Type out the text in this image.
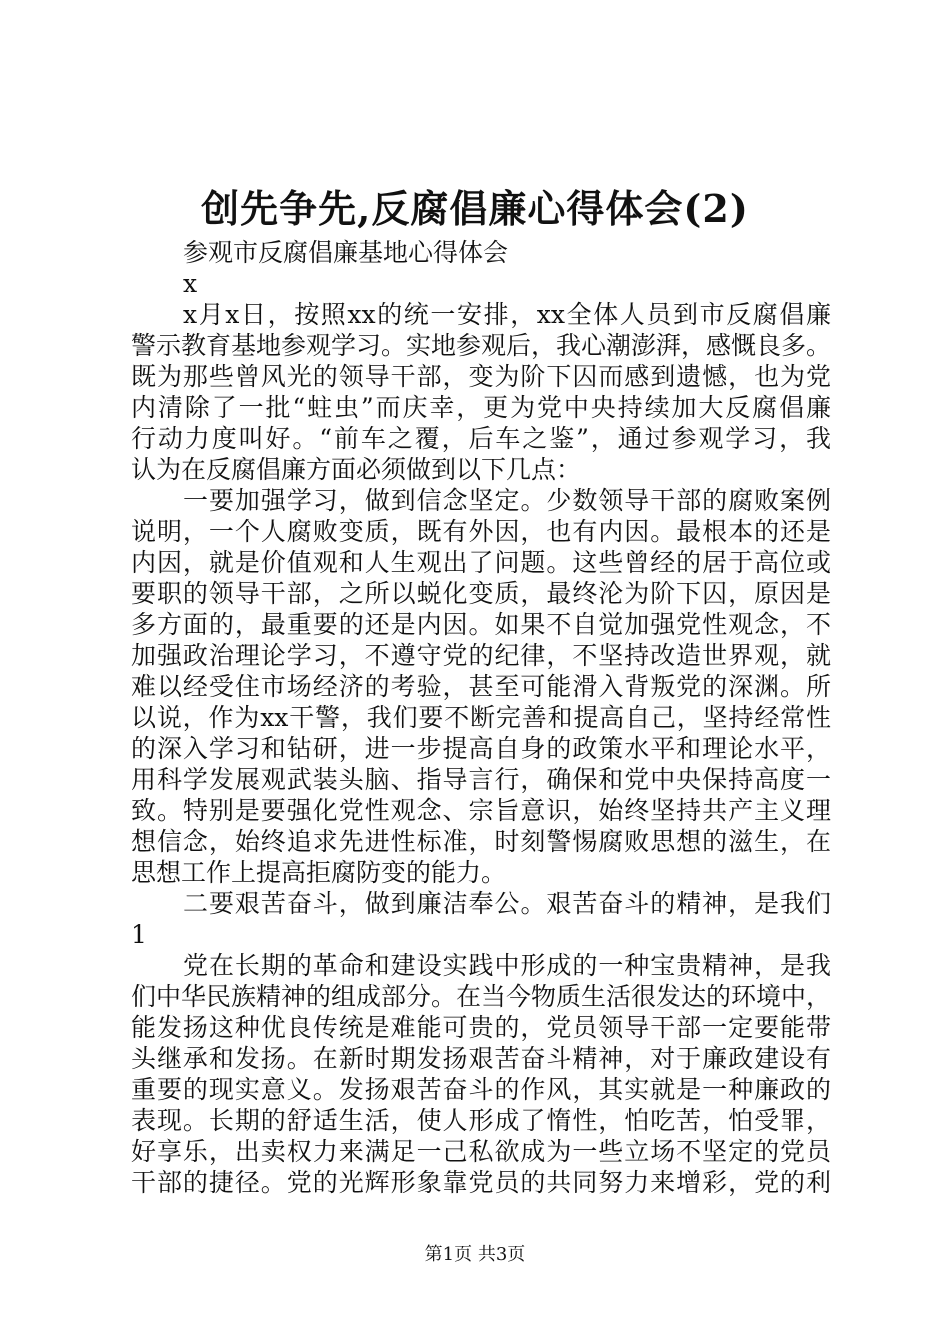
创先争先,反腐倡廉心得体会(2)
参观市反腐倡廉基地心得体会
x
x月x日，按照xx的统一安排，xx全体人员到市反腐倡廉
警示教育基地参观学习。实地参观后，我心潮澎湃，感慨良多。
既为那些曾风光的领导干部，变为阶下囚而感到遗憾，也为党
内清除了一批“蛀虫”而庆幸，更为党中央持续加大反腐倡廉
行动力度叫好。“前车之覆，后车之鉴”，通过参观学习，我
认为在反腐倡廉方面必须做到以下几点：
一要加强学习，做到信念坚定。少数领导干部的腐败案例
说明，一个人腐败变质，既有外因，也有内因。最根本的还是
内因，就是价值观和人生观出了问题。这些曾经的居于高位或
要职的领导干部，之所以蜕化变质，最终沦为阶下囚，原因是
多方面的，最重要的还是内因。如果不自觉加强党性观念，不
加强政治理论学习，不遵守党的纪律，不坚持改造世界观，就
难以经受住市场经济的考验，甚至可能滑入背叛党的深渊。所
以说，作为xx干警，我们要不断完善和提高自己，坚持经常性
的深入学习和钻研，进一步提高自身的政策水平和理论水平，
用科学发展观武装头脑、指导言行，确保和党中央保持高度一
致。特别是要强化党性观念、宗旨意识，始终坚持共产主义理
想信念，始终追求先进性标准，时刻警惕腐败思想的滋生，在
思想工作上提高拒腐防变的能力。
二要艰苦奋斗，做到廉洁奉公。艰苦奋斗的精神，是我们
1
党在长期的革命和建设实践中形成的一种宝贵精神，是我
们中华民族精神的组成部分。在当今物质生活很发达的环境中，
能发扬这种优良传统是难能可贵的，党员领导干部一定要能带
头继承和发扬。在新时期发扬艰苦奋斗精神，对于廉政建设有
重要的现实意义。发扬艰苦奋斗的作风，其实就是一种廉政的
表现。长期的舒适生活，使人形成了惰性，怕吃苦，怕受罪，
好享乐，出卖权力来满足一己私欲成为一些立场不坚定的党员
干部的捷径。党的光辉形象靠党员的共同努力来增彩，党的利
第1页 共3页
